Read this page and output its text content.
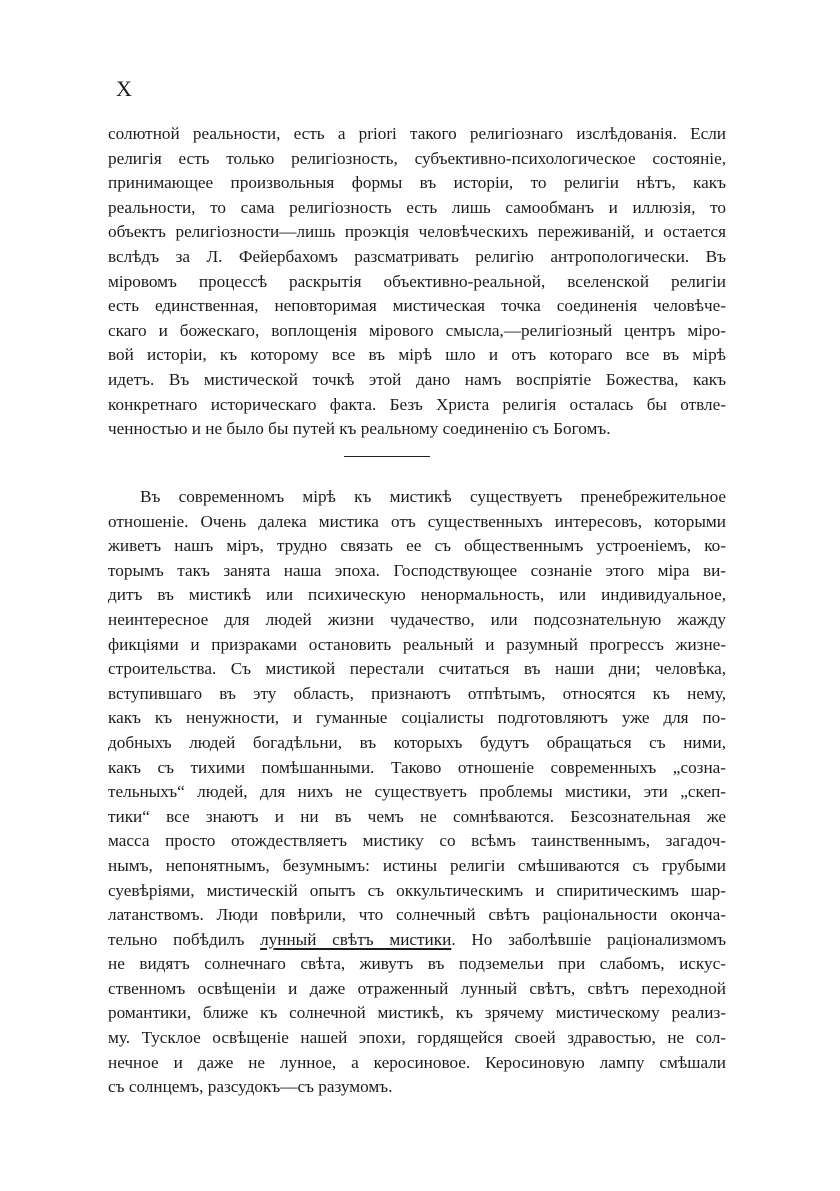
X
солютной реальности, есть a priori такого религіознаго изслѣдованія. Если
религія есть только религіозность, субъективно-психологическое состояніе,
принимающее произвольныя формы въ исторіи, то религіи нѣтъ, какъ
реальности, то сама религіозность есть лишь самообманъ и иллюзія, то
объектъ религіозности—лишь проэкція человѣческихъ переживаній, и остается
вслѣдъ за Л. Фейербахомъ разсматривать религію антропологически. Въ
міровомъ процессѣ раскрытія объективно-реальной, вселенской религіи
есть единственная, неповторимая мистическая точка соединенія человѣче-
скаго и божескаго, воплощенія мірового смысла,—религіозный центръ міро-
вой исторіи, къ которому все въ мірѣ шло и отъ котораго все въ мірѣ
идетъ. Въ мистической точкѣ этой дано намъ воспріятіе Божества, какъ
конкретнаго историческаго факта. Безъ Христа религія осталась бы отвле-
ченностью и не было бы путей къ реальному соединенію съ Богомъ.
Въ современномъ мірѣ къ мистикѣ существуетъ пренебрежительное
отношеніе. Очень далека мистика отъ существенныхъ интересовъ, которыми
живетъ нашъ міръ, трудно связать ее съ общественнымъ устроеніемъ, ко-
торымъ такъ занята наша эпоха. Господствующее сознаніе этого міра ви-
дитъ въ мистикѣ или психическую ненормальность, или индивидуальное,
неинтересное для людей жизни чудачество, или подсознательную жажду
фикціями и призраками остановить реальный и разумный прогрессъ жизне-
строительства. Съ мистикой перестали считаться въ наши дни; человѣка,
вступившаго въ эту область, признаютъ отпѣтымъ, относятся къ нему,
какъ къ ненужности, и гуманные соціалисты подготовляютъ уже для по-
добныхъ людей богадѣльни, въ которыхъ будутъ обращаться съ ними,
какъ съ тихими помѣшанными. Таково отношеніе современныхъ „сознa-
тельныхъ“ людей, для нихъ не существуетъ проблемы мистики, эти „скеп-
тики“ все знаютъ и ни въ чемъ не сомнѣваются. Безсознательная же
масса просто отождествляетъ мистику со всѣмъ таинственнымъ, загадоч-
нымъ, непонятнымъ, безумнымъ: истины религіи смѣшиваются съ грубыми
суевѣріями, мистическій опытъ съ оккультическимъ и спиритическимъ шар-
латанствомъ. Люди повѣрили, что солнечный свѣтъ раціональности оконча-
тельно побѣдилъ лунный свѣтъ мистики. Но заболѣвшіе раціонализмомъ
не видятъ солнечнаго свѣта, живутъ въ подземельи при слабомъ, искус-
ственномъ освѣщеніи и даже отраженный лунный свѣтъ, свѣтъ переходной
романтики, ближе къ солнечной мистикѣ, къ зрячему мистическому реализ-
му. Тусклое освѣщеніе нашей эпохи, гордящейся своей здравостью, не сол-
нечное и даже не лунное, а керосиновое. Керосиновую лампу смѣшали
съ солнцемъ, разсудокъ—съ разумомъ.
